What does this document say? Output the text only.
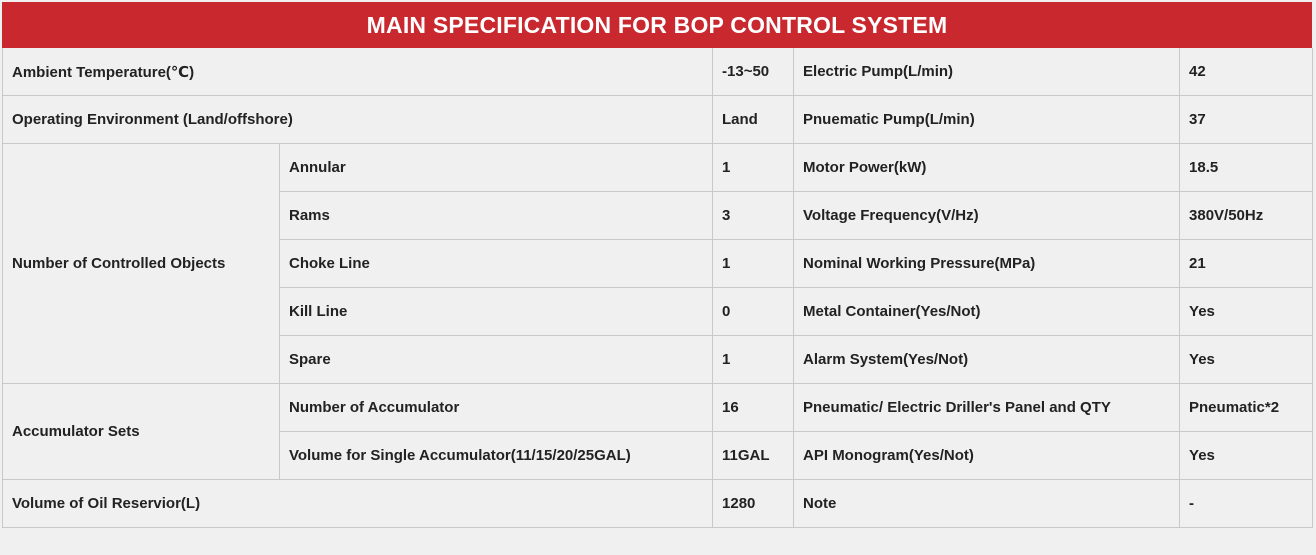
MAIN SPECIFICATION FOR BOP CONTROL SYSTEM
Ambient Temperature(℃)		-13~50	Electric Pump(L/min)	42
Operating Environment (Land/offshore)		Land	Pnuematic Pump(L/min)	37
Number of Controlled Objects	Annular	1	Motor Power(kW)	18.5
	Rams	3	Voltage Frequency(V/Hz)	380V/50Hz
	Choke Line	1	Nominal Working Pressure(MPa)	21
	Kill Line	0	Metal Container(Yes/Not)	Yes
	Spare	1	Alarm System(Yes/Not)	Yes
Accumulator Sets	Number of Accumulator	16	Pneumatic/ Electric Driller's Panel and QTY	Pneumatic*2
	Volume for Single Accumulator(11/15/20/25GAL)	11GAL	API Monogram(Yes/Not)	Yes
Volume of Oil Reservior(L)		1280	Note	-
